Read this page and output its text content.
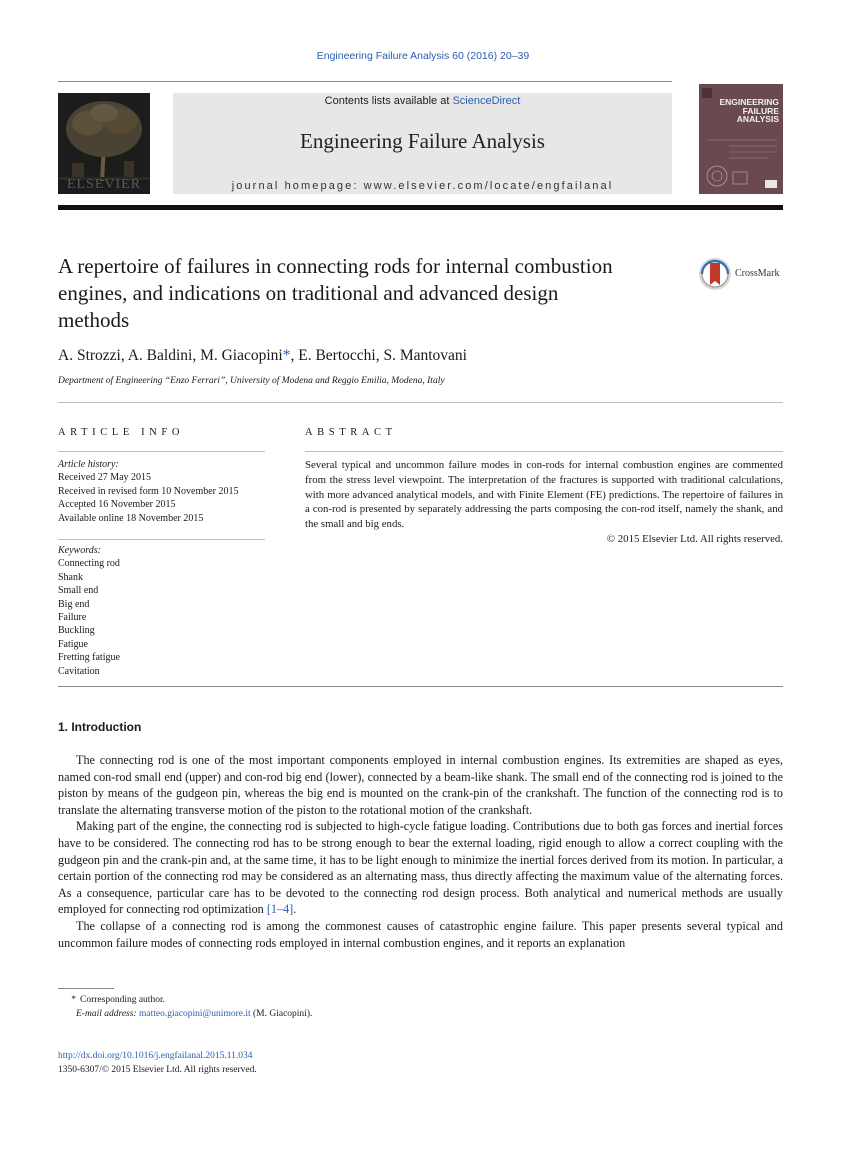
Engineering Failure Analysis 60 (2016) 20–39
ELSEVIER
Contents lists available at ScienceDirect
Engineering Failure Analysis
journal homepage: www.elsevier.com/locate/engfailanal
ENGINEERING FAILURE ANALYSIS
A repertoire of failures in connecting rods for internal combustion engines, and indications on traditional and advanced design methods
CrossMark
A. Strozzi, A. Baldini, M. Giacopini*, E. Bertocchi, S. Mantovani
Department of Engineering “Enzo Ferrari”, University of Modena and Reggio Emilia, Modena, Italy
ARTICLE INFO	ABSTRACT
Article history:
Received 27 May 2015
Received in revised form 10 November 2015
Accepted 16 November 2015
Available online 18 November 2015
Keywords:
Connecting rod
Shank
Small end
Big end
Failure
Buckling
Fatigue
Fretting fatigue
Cavitation
Several typical and uncommon failure modes in con-rods for internal combustion engines are commented from the stress level viewpoint. The interpretation of the fractures is supported with traditional calculations, with more advanced analytical models, and with Finite Element (FE) predictions. The repertoire of failures in a con-rod is presented by separately addressing the parts composing the con-rod itself, namely the shank, and the small and big ends.
© 2015 Elsevier Ltd. All rights reserved.
1. Introduction

The connecting rod is one of the most important components employed in internal combustion engines. Its extremities are shaped as eyes, named con-rod small end (upper) and con-rod big end (lower), connected by a beam-like shank. The small end of the connecting rod is joined to the piston by means of the gudgeon pin, whereas the big end is mounted on the crank-pin of the crankshaft. The function of the connecting rod is to translate the alternating transverse motion of the piston to the rotational motion of the crankshaft.

Making part of the engine, the connecting rod is subjected to high-cycle fatigue loading. Contributions due to both gas forces and inertial forces have to be considered. The connecting rod has to be strong enough to bear the external loading, rigid enough to allow a correct coupling with the gudgeon pin and the crank-pin and, at the same time, it has to be light enough to minimize the inertial forces derived from its motion. In particular, a certain portion of the connecting rod may be considered as an alternating mass, thus directly affecting the maximum value of the alternating forces. As a consequence, particular care has to be devoted to the connecting rod design process. Both analytical and numerical methods are usually employed for connecting rod optimization [1–4].

The collapse of a connecting rod is among the commonest causes of catastrophic engine failure. This paper presents several typical and uncommon failure modes of connecting rods employed in internal combustion engines, and it reports an explanation

* Corresponding author.
E-mail address: matteo.giacopini@unimore.it (M. Giacopini).
http://dx.doi.org/10.1016/j.engfailanal.2015.11.034
1350-6307/© 2015 Elsevier Ltd. All rights reserved.
